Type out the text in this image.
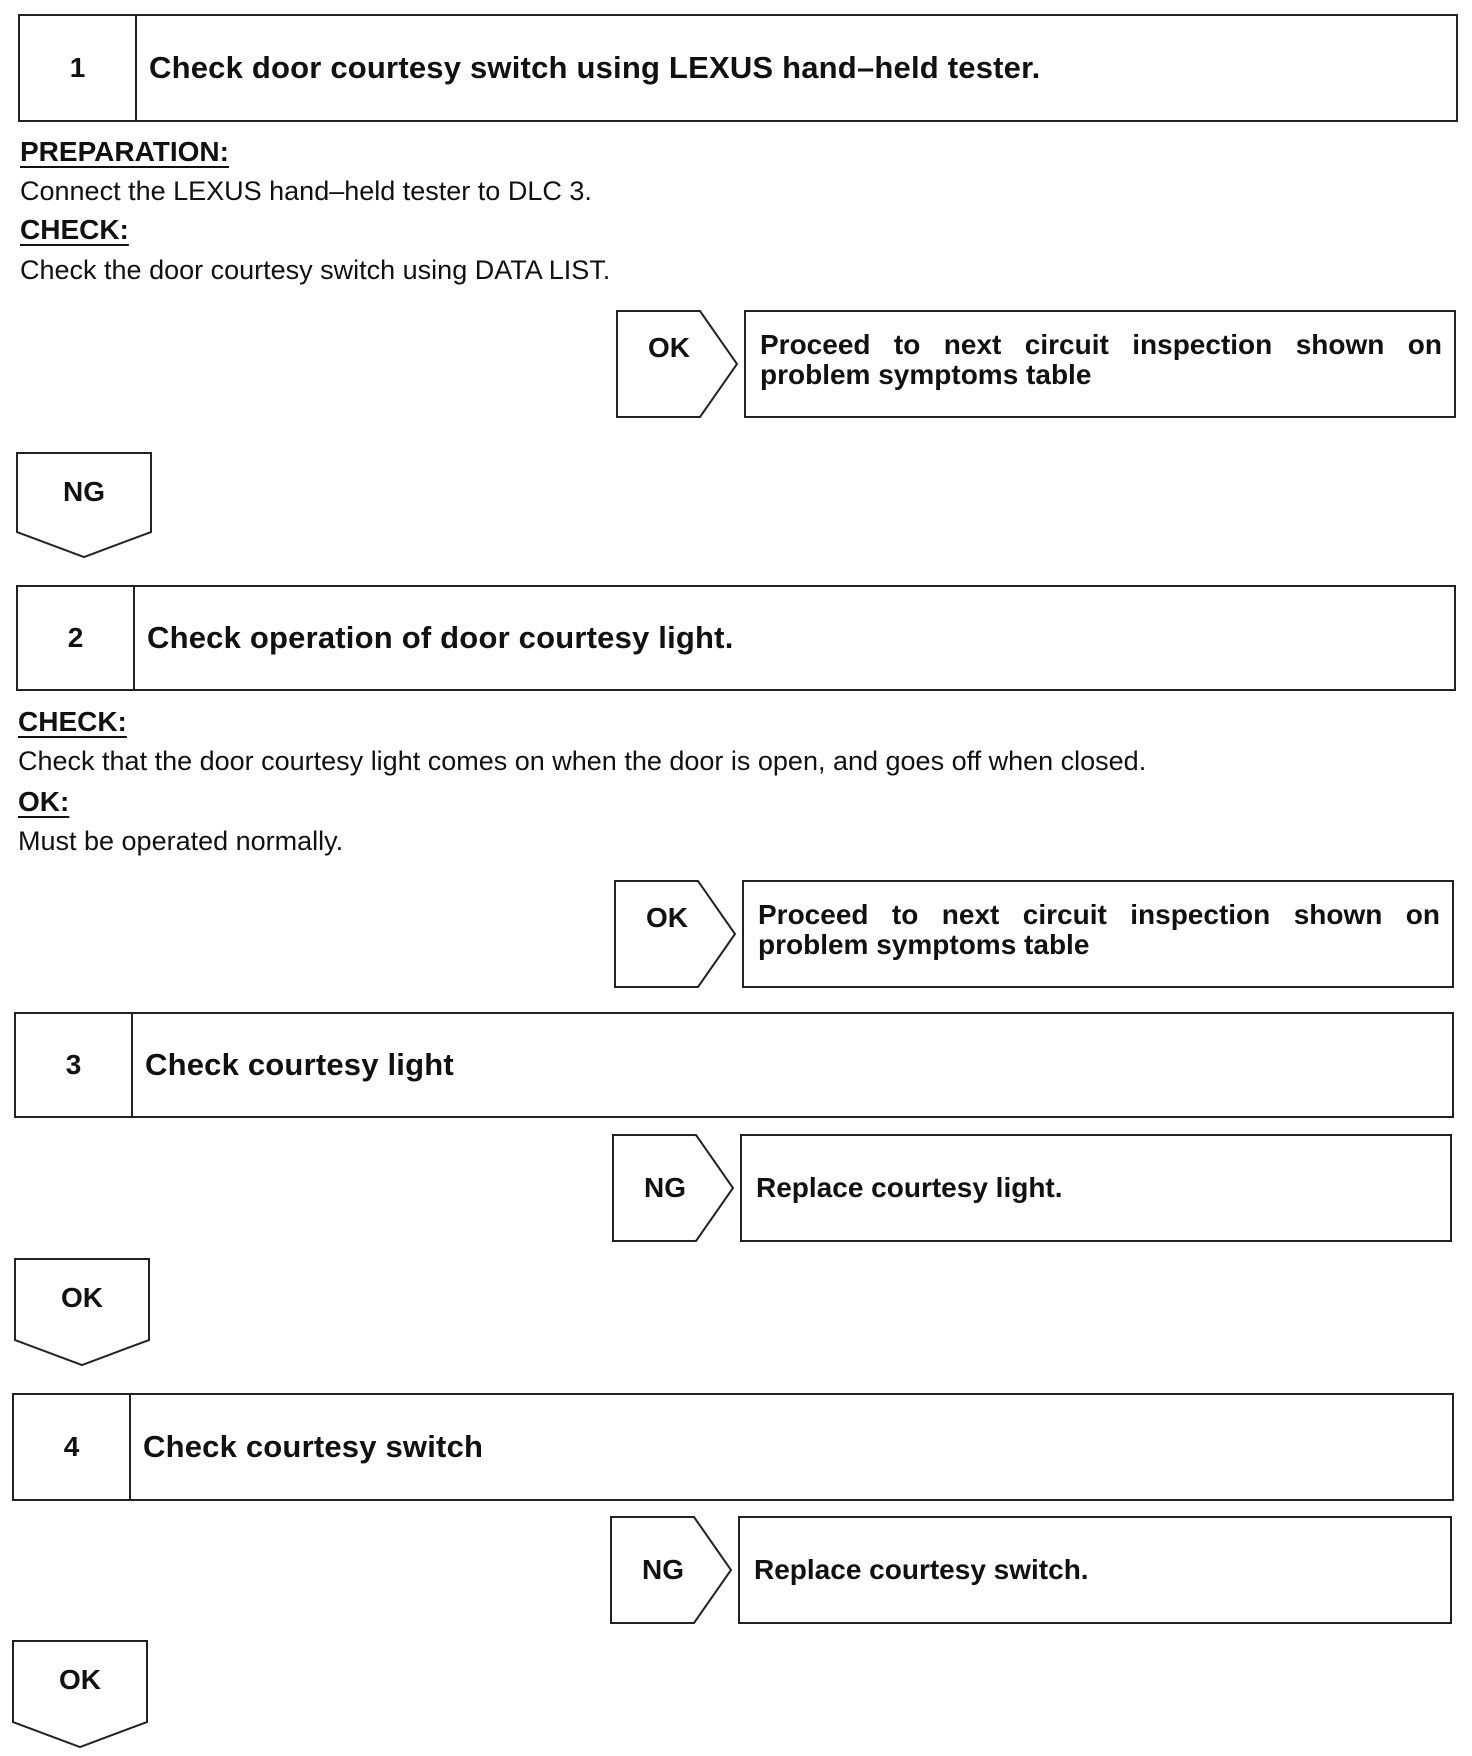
1	Check door courtesy switch using LEXUS hand–held tester.
PREPARATION:
Connect the LEXUS hand–held tester to DLC 3.
CHECK:
Check the door courtesy switch using DATA LIST.
OK	Proceed to next circuit inspection shown on
problem symptoms table
NG
2	Check operation of door courtesy light.
CHECK:
Check that the door courtesy light comes on when the door is open, and goes off when closed.
OK:
Must be operated normally.
OK	Proceed to next circuit inspection shown on
problem symptoms table
3	Check courtesy light
NG	Replace courtesy light.
OK
4	Check courtesy switch
NG	Replace courtesy switch.
OK
